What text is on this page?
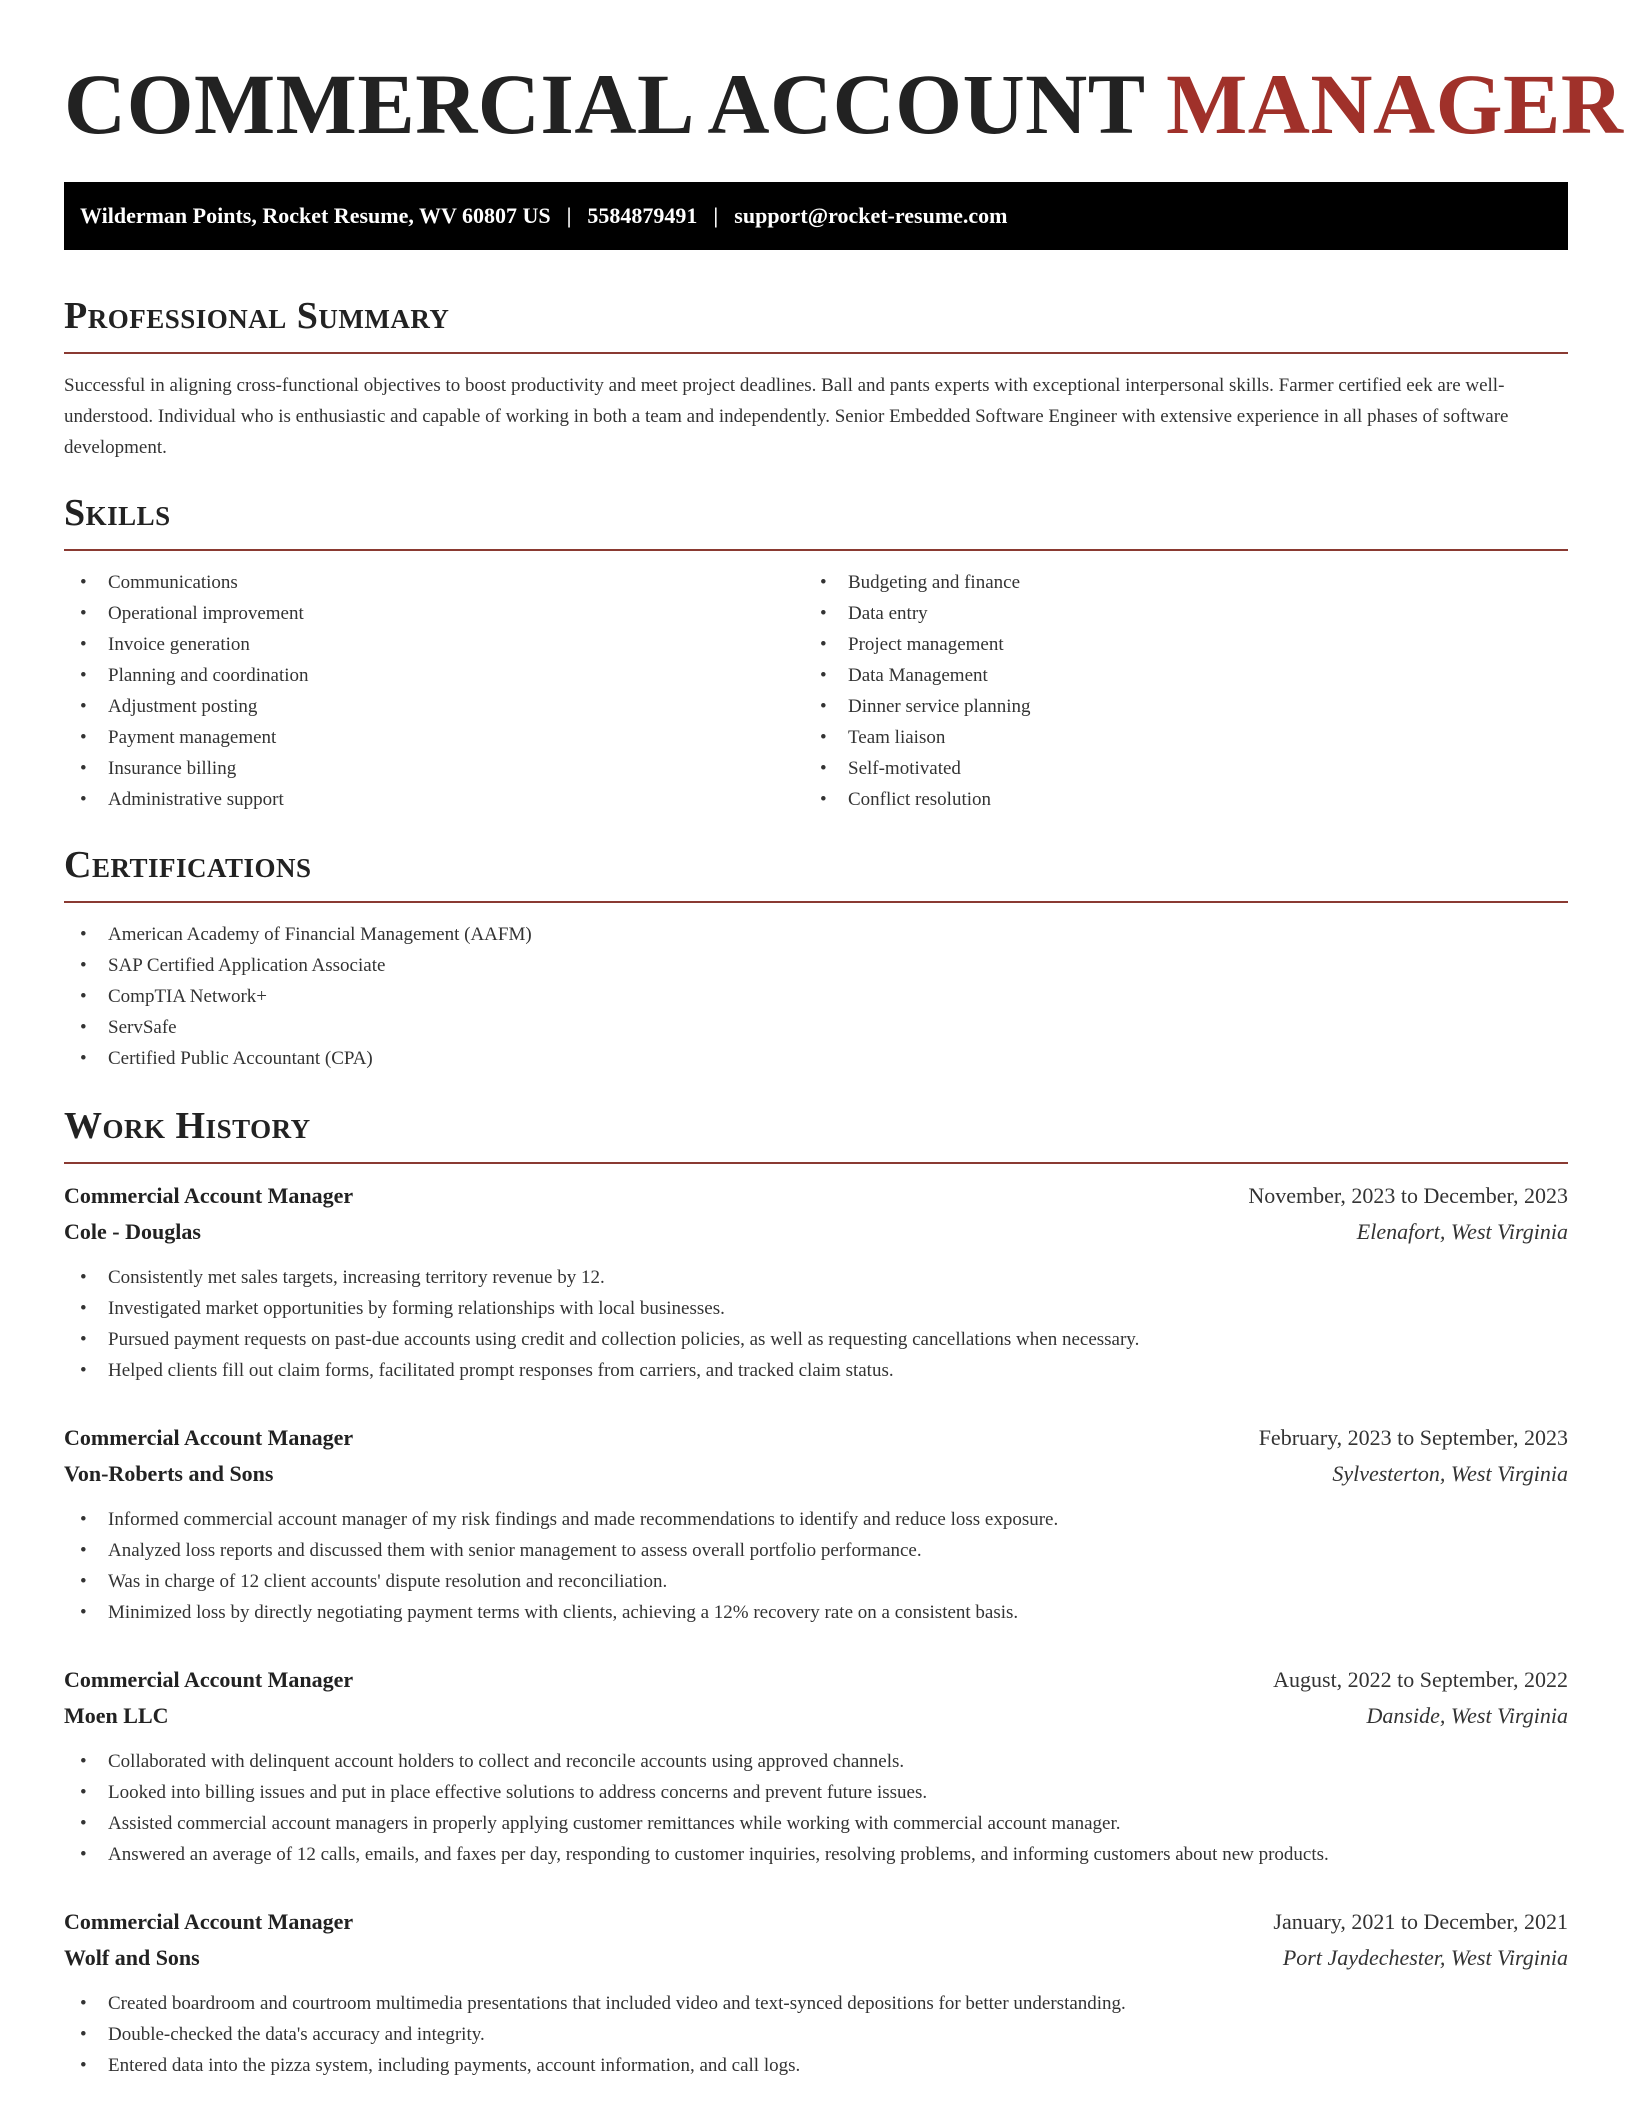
COMMERCIAL ACCOUNT MANAGER
Wilderman Points, Rocket Resume, WV 60807 US | 5584879491 | support@rocket-resume.com
Professional Summary

Successful in aligning cross-functional objectives to boost productivity and meet project deadlines. Ball and pants experts with exceptional interpersonal skills. Farmer certified eek are well-understood. Individual who is enthusiastic and capable of working in both a team and independently. Senior Embedded Software Engineer with extensive experience in all phases of software development.

Skills
• Communications
• Operational improvement
• Invoice generation
• Planning and coordination
• Adjustment posting
• Payment management
• Insurance billing
• Administrative support
• Budgeting and finance
• Data entry
• Project management
• Data Management
• Dinner service planning
• Team liaison
• Self-motivated
• Conflict resolution
Certifications
• American Academy of Financial Management (AAFM)
• SAP Certified Application Associate
• CompTIA Network+
• ServSafe
• Certified Public Accountant (CPA)
Work History
Commercial Account Manager	November, 2023 to December, 2023
Cole - Douglas	Elenafort, West Virginia
• Consistently met sales targets, increasing territory revenue by 12.
• Investigated market opportunities by forming relationships with local businesses.
• Pursued payment requests on past-due accounts using credit and collection policies, as well as requesting cancellations when necessary.
• Helped clients fill out claim forms, facilitated prompt responses from carriers, and tracked claim status.
Commercial Account Manager	February, 2023 to September, 2023
Von-Roberts and Sons	Sylvesterton, West Virginia
• Informed commercial account manager of my risk findings and made recommendations to identify and reduce loss exposure.
• Analyzed loss reports and discussed them with senior management to assess overall portfolio performance.
• Was in charge of 12 client accounts' dispute resolution and reconciliation.
• Minimized loss by directly negotiating payment terms with clients, achieving a 12% recovery rate on a consistent basis.
Commercial Account Manager	August, 2022 to September, 2022
Moen LLC	Danside, West Virginia
• Collaborated with delinquent account holders to collect and reconcile accounts using approved channels.
• Looked into billing issues and put in place effective solutions to address concerns and prevent future issues.
• Assisted commercial account managers in properly applying customer remittances while working with commercial account manager.
• Answered an average of 12 calls, emails, and faxes per day, responding to customer inquiries, resolving problems, and informing customers about new products.
Commercial Account Manager	January, 2021 to December, 2021
Wolf and Sons	Port Jaydechester, West Virginia
• Created boardroom and courtroom multimedia presentations that included video and text-synced depositions for better understanding.
• Double-checked the data's accuracy and integrity.
• Entered data into the pizza system, including payments, account information, and call logs.
